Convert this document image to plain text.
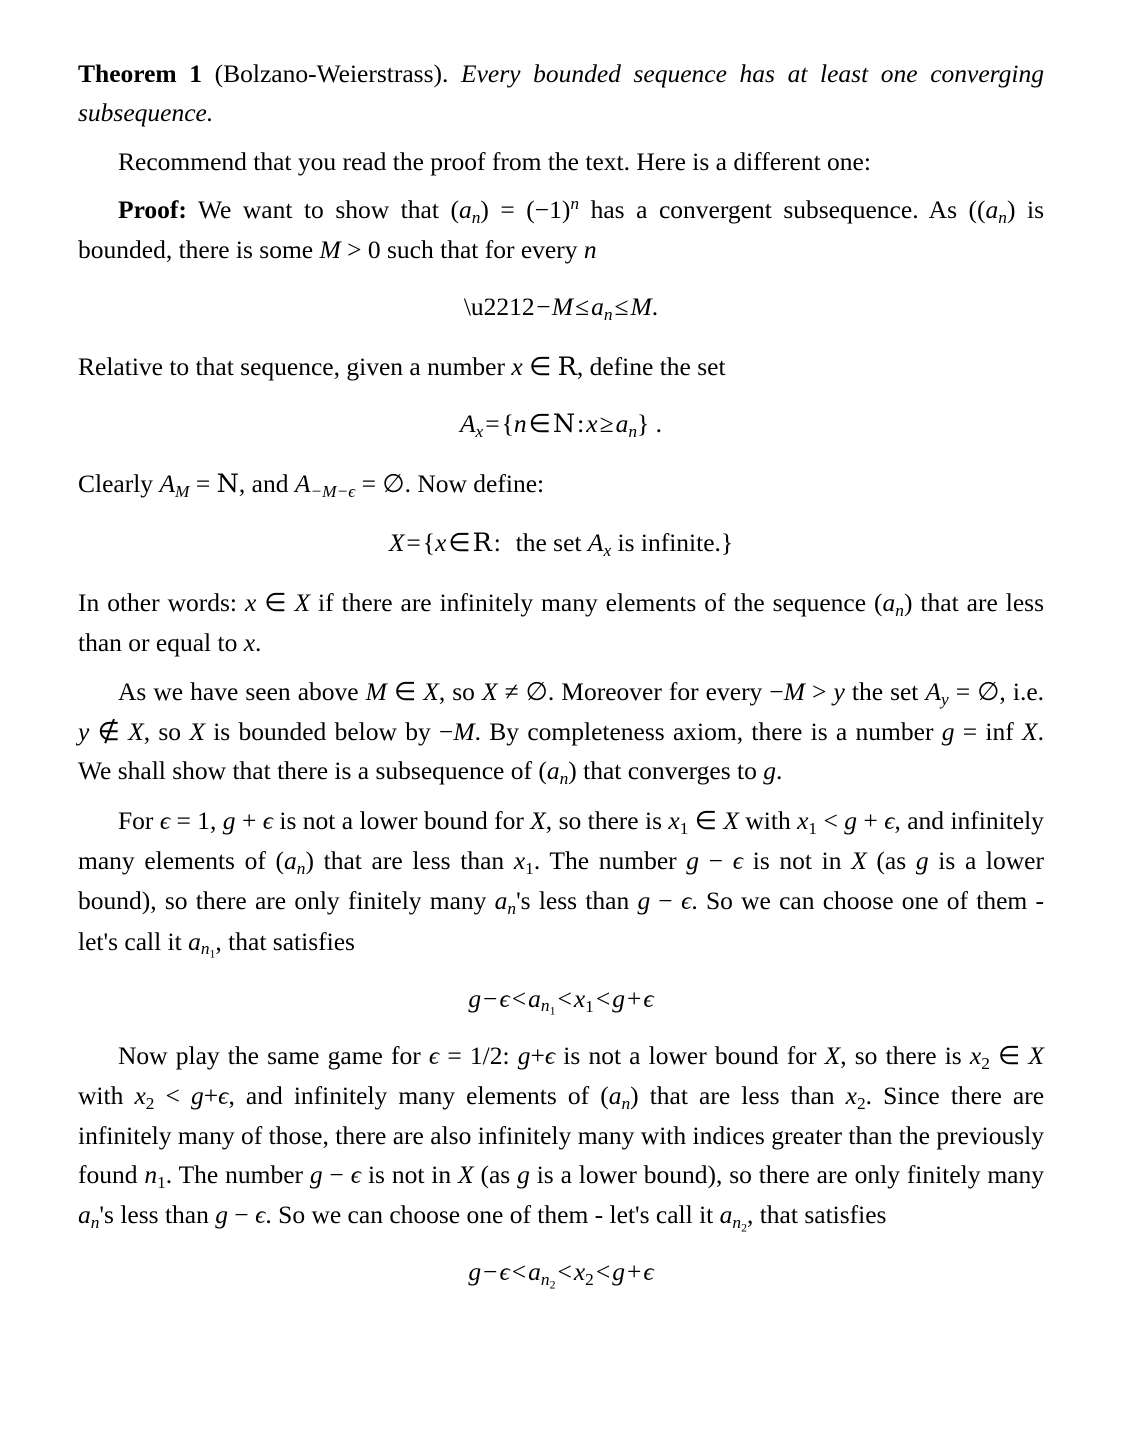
Theorem 1 (Bolzano-Weierstrass). Every bounded sequence has at least one converging subsequence.

Recommend that you read the proof from the text. Here is a different one:

Proof: We want to show that $(a_n) = (-1)^n$ has a convergent subsequence. As ($(a_n)$ is bounded, there is some M > 0 such that for every n

$\backslash u2212-M\le a_n\le M$.

Relative to that sequence, given a number x ∈ R, define the set

$A_x=\{n\in N:x\ge a_n\}$ .

Clearly $A_M = N$, and $A_{-M-\epsilon}$ = ∅. Now define:

X={x∈R:  the set $A_x$ is infinite.}

In other words: x ∈ X if there are infinitely many elements of the sequence $(a_n)$ that are less than or equal to x.

As we have seen above M ∈ X, so X ≠ ∅. Moreover for every −M > y the set $A_y$ = ∅, i.e. y ∉ X, so X is bounded below by −M. By completeness axiom, there is a number g = inf X. We shall show that there is a subsequence of $(a_n)$ that converges to g.

For ϵ = 1, g + ϵ is not a lower bound for X, so there is $x_1$ ∈ X with $x_1 < g + \epsilon$, and infinitely many elements of $(a_n)$ that are less than $x_1$. The number g − ϵ is not in X (as g is a lower bound), so there are only finitely many $a_n's$ less than g − ϵ. So we can choose one of them - let's call it $a_{n_1}$, that satisfies

$g-\epsilon<a_{n_1}<x_1<g+\epsilon$

Now play the same game for ϵ = 1/2: g+ϵ is not a lower bound for X, so there is $x_2$ ∈ X with $x_2 < g+\epsilon$, and infinitely many elements of $(a_n)$ that are less than $x_2$. Since there are infinitely many of those, there are also infinitely many with indices greater than the previously found $n_1$. The number g − ϵ is not in X (as g is a lower bound), so there are only finitely many $a_n's$ less than g − ϵ. So we can choose one of them - let's call it $a_{n_2}$, that satisfies

$g-\epsilon<a_{n_2}<x_2<g+\epsilon$
